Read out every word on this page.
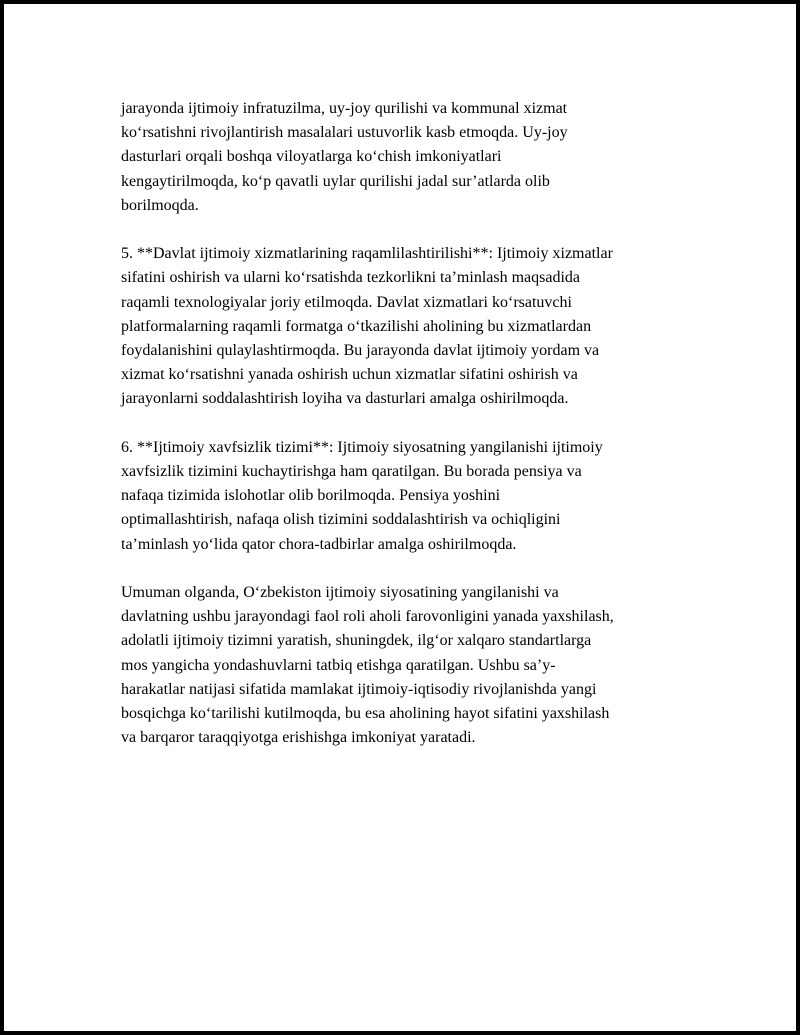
jarayonda ijtimoiy infratuzilma, uy-joy qurilishi va kommunal xizmat
ko‘rsatishni rivojlantirish masalalari ustuvorlik kasb etmoqda. Uy-joy
dasturlari orqali boshqa viloyatlarga ko‘chish imkoniyatlari
kengaytirilmoqda, ko‘p qavatli uylar qurilishi jadal sur’atlarda olib
borilmoqda.

5. **Davlat ijtimoiy xizmatlarining raqamlilashtirilishi**: Ijtimoiy xizmatlar
sifatini oshirish va ularni ko‘rsatishda tezkorlikni ta’minlash maqsadida
raqamli texnologiyalar joriy etilmoqda. Davlat xizmatlari ko‘rsatuvchi
platformalarning raqamli formatga o‘tkazilishi aholining bu xizmatlardan
foydalanishini qulaylashtirmoqda. Bu jarayonda davlat ijtimoiy yordam va
xizmat ko‘rsatishni yanada oshirish uchun xizmatlar sifatini oshirish va
jarayonlarni soddalashtirish loyiha va dasturlari amalga oshirilmoqda.

6. **Ijtimoiy xavfsizlik tizimi**: Ijtimoiy siyosatning yangilanishi ijtimoiy
xavfsizlik tizimini kuchaytirishga ham qaratilgan. Bu borada pensiya va
nafaqa tizimida islohotlar olib borilmoqda. Pensiya yoshini
optimallashtirish, nafaqa olish tizimini soddalashtirish va ochiqligini
ta’minlash yo‘lida qator chora-tadbirlar amalga oshirilmoqda.

Umuman olganda, O‘zbekiston ijtimoiy siyosatining yangilanishi va
davlatning ushbu jarayondagi faol roli aholi farovonligini yanada yaxshilash,
adolatli ijtimoiy tizimni yaratish, shuningdek, ilg‘or xalqaro standartlarga
mos yangicha yondashuvlarni tatbiq etishga qaratilgan. Ushbu sa’y-
harakatlar natijasi sifatida mamlakat ijtimoiy-iqtisodiy rivojlanishda yangi
bosqichga ko‘tarilishi kutilmoqda, bu esa aholining hayot sifatini yaxshilash
va barqaror taraqqiyotga erishishga imkoniyat yaratadi.
